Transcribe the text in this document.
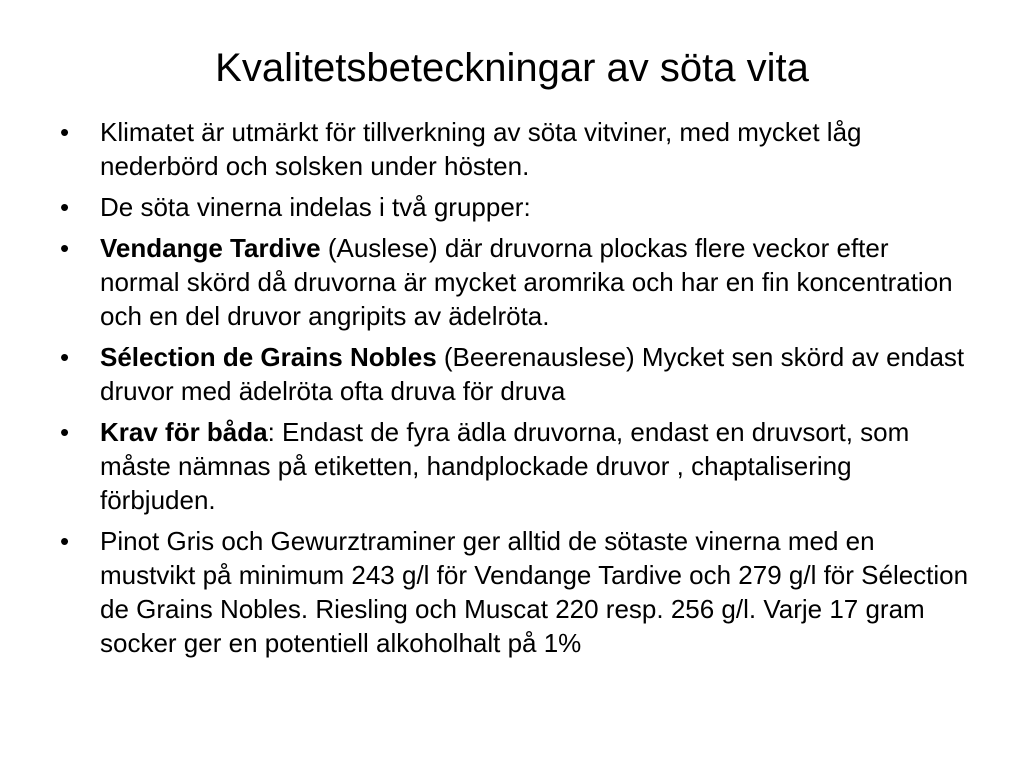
Kvalitetsbeteckningar av söta vita
•	Klimatet är utmärkt för tillverkning av söta vitviner, med mycket låg nederbörd och solsken under hösten.
•	De söta vinerna indelas i två grupper:
•	Vendange Tardive (Auslese) där druvorna plockas flere veckor efter normal skörd då druvorna är mycket aromrika och har en fin koncentration och en del druvor angripits av ädelröta.
•	Sélection de Grains Nobles (Beerenauslese) Mycket sen skörd av endast druvor med ädelröta ofta druva för druva
•	Krav för båda: Endast de fyra ädla druvorna, endast en druvsort, som måste nämnas på etiketten, handplockade druvor , chaptalisering förbjuden.
•	Pinot Gris och Gewurztraminer ger alltid de sötaste vinerna med en mustvikt på minimum 243 g/l för Vendange Tardive och 279 g/l för Sélection de Grains Nobles. Riesling och Muscat 220 resp. 256 g/l. Varje 17 gram socker ger en potentiell alkoholhalt på 1%
